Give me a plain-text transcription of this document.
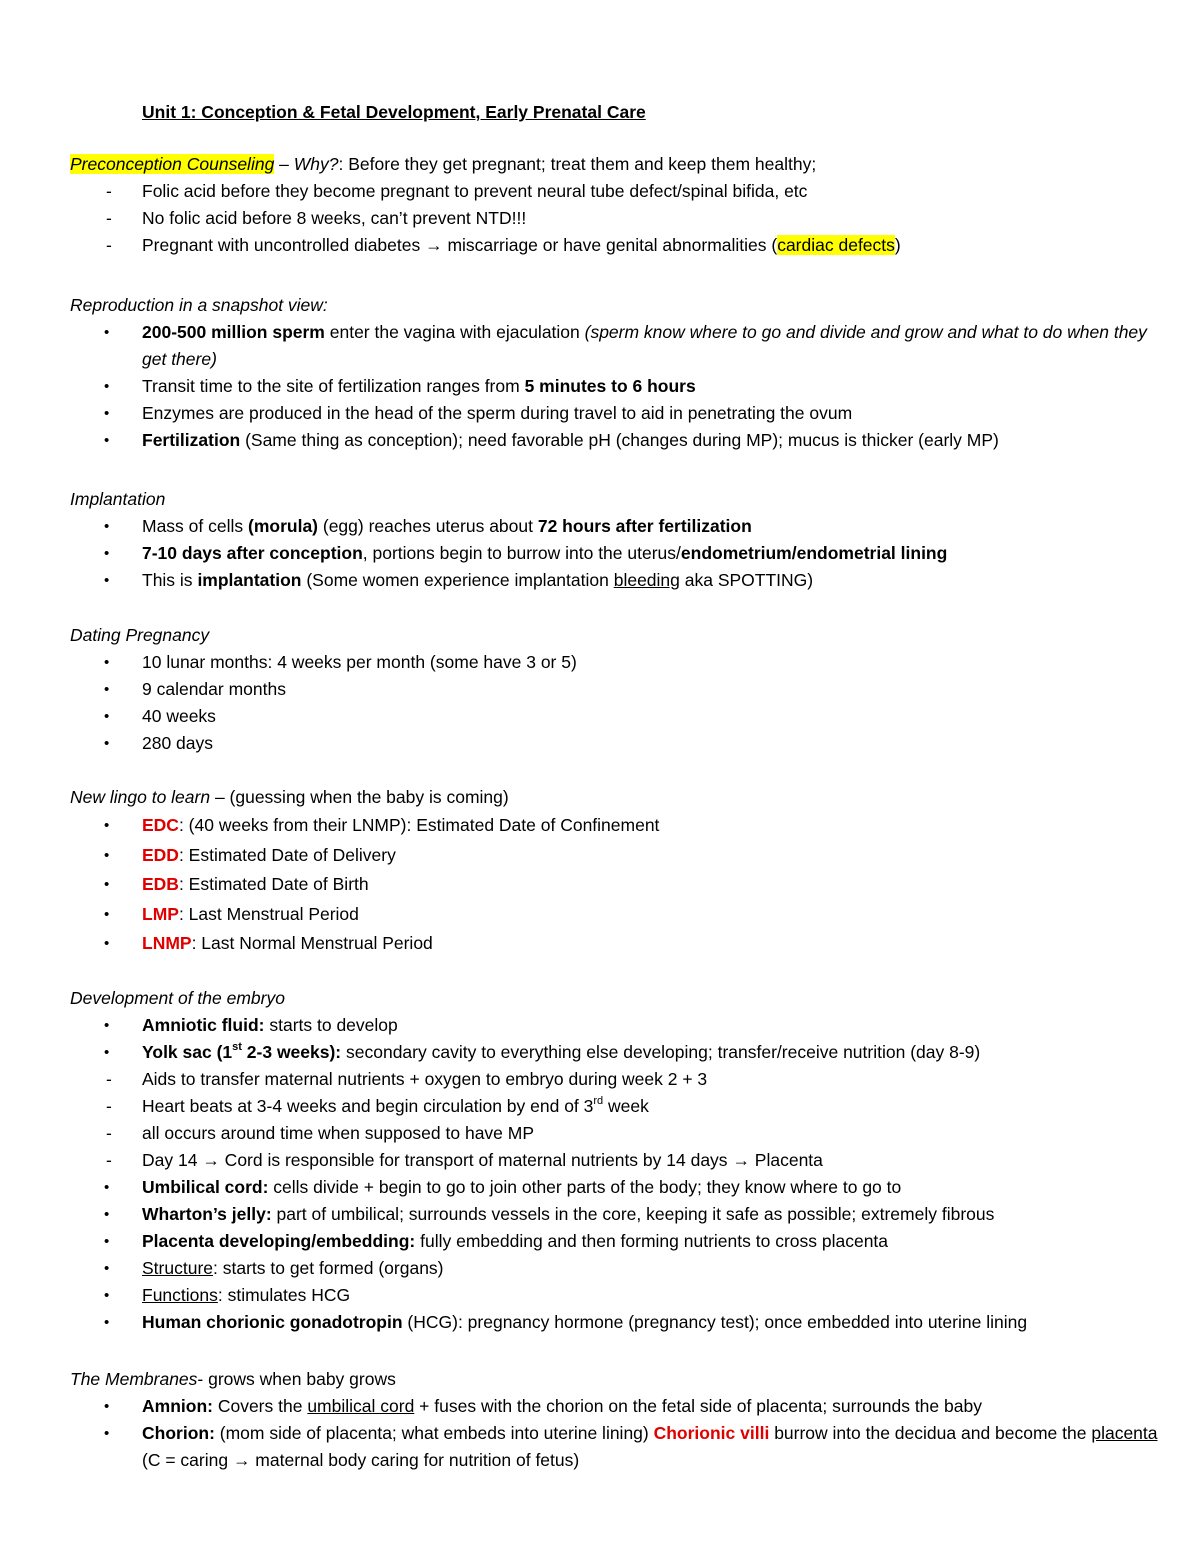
Unit 1: Conception & Fetal Development, Early Prenatal Care
Preconception Counseling – Why?: Before they get pregnant; treat them and keep them healthy;
-	Folic acid before they become pregnant to prevent neural tube defect/spinal bifida, etc
-	No folic acid before 8 weeks, can’t prevent NTD!!!
-	Pregnant with uncontrolled diabetes → miscarriage or have genital abnormalities (cardiac defects)
Reproduction in a snapshot view:
•	200-500 million sperm enter the vagina with ejaculation (sperm know where to go and divide and grow and what to do when they get there)
•	Transit time to the site of fertilization ranges from 5 minutes to 6 hours
•	Enzymes are produced in the head of the sperm during travel to aid in penetrating the ovum
•	Fertilization (Same thing as conception); need favorable pH (changes during MP); mucus is thicker (early MP)
Implantation
•	Mass of cells (morula) (egg) reaches uterus about 72 hours after fertilization
•	7-10 days after conception, portions begin to burrow into the uterus/endometrium/endometrial lining
•	This is implantation (Some women experience implantation bleeding aka SPOTTING)
Dating Pregnancy
•	10 lunar months: 4 weeks per month (some have 3 or 5)
•	9 calendar months
•	40 weeks
•	280 days
New lingo to learn – (guessing when the baby is coming)
•	EDC: (40 weeks from their LNMP): Estimated Date of Confinement
•	EDD: Estimated Date of Delivery
•	EDB: Estimated Date of Birth
•	LMP: Last Menstrual Period
•	LNMP: Last Normal Menstrual Period
Development of the embryo
•	Amniotic fluid: starts to develop
•	Yolk sac (1st 2-3 weeks): secondary cavity to everything else developing; transfer/receive nutrition (day 8-9)
-	Aids to transfer maternal nutrients + oxygen to embryo during week 2 + 3
-	Heart beats at 3-4 weeks and begin circulation by end of 3rd week
-	all occurs around time when supposed to have MP
-	Day 14 → Cord is responsible for transport of maternal nutrients by 14 days → Placenta
•	Umbilical cord: cells divide + begin to go to join other parts of the body; they know where to go to
•	Wharton’s jelly: part of umbilical; surrounds vessels in the core, keeping it safe as possible; extremely fibrous
•	Placenta developing/embedding: fully embedding and then forming nutrients to cross placenta
•	Structure: starts to get formed (organs)
•	Functions: stimulates HCG
•	Human chorionic gonadotropin (HCG): pregnancy hormone (pregnancy test); once embedded into uterine lining
The Membranes- grows when baby grows
•	Amnion: Covers the umbilical cord + fuses with the chorion on the fetal side of placenta; surrounds the baby
•	Chorion: (mom side of placenta; what embeds into uterine lining) Chorionic villi burrow into the decidua and become the placenta (C = caring → maternal body caring for nutrition of fetus)
